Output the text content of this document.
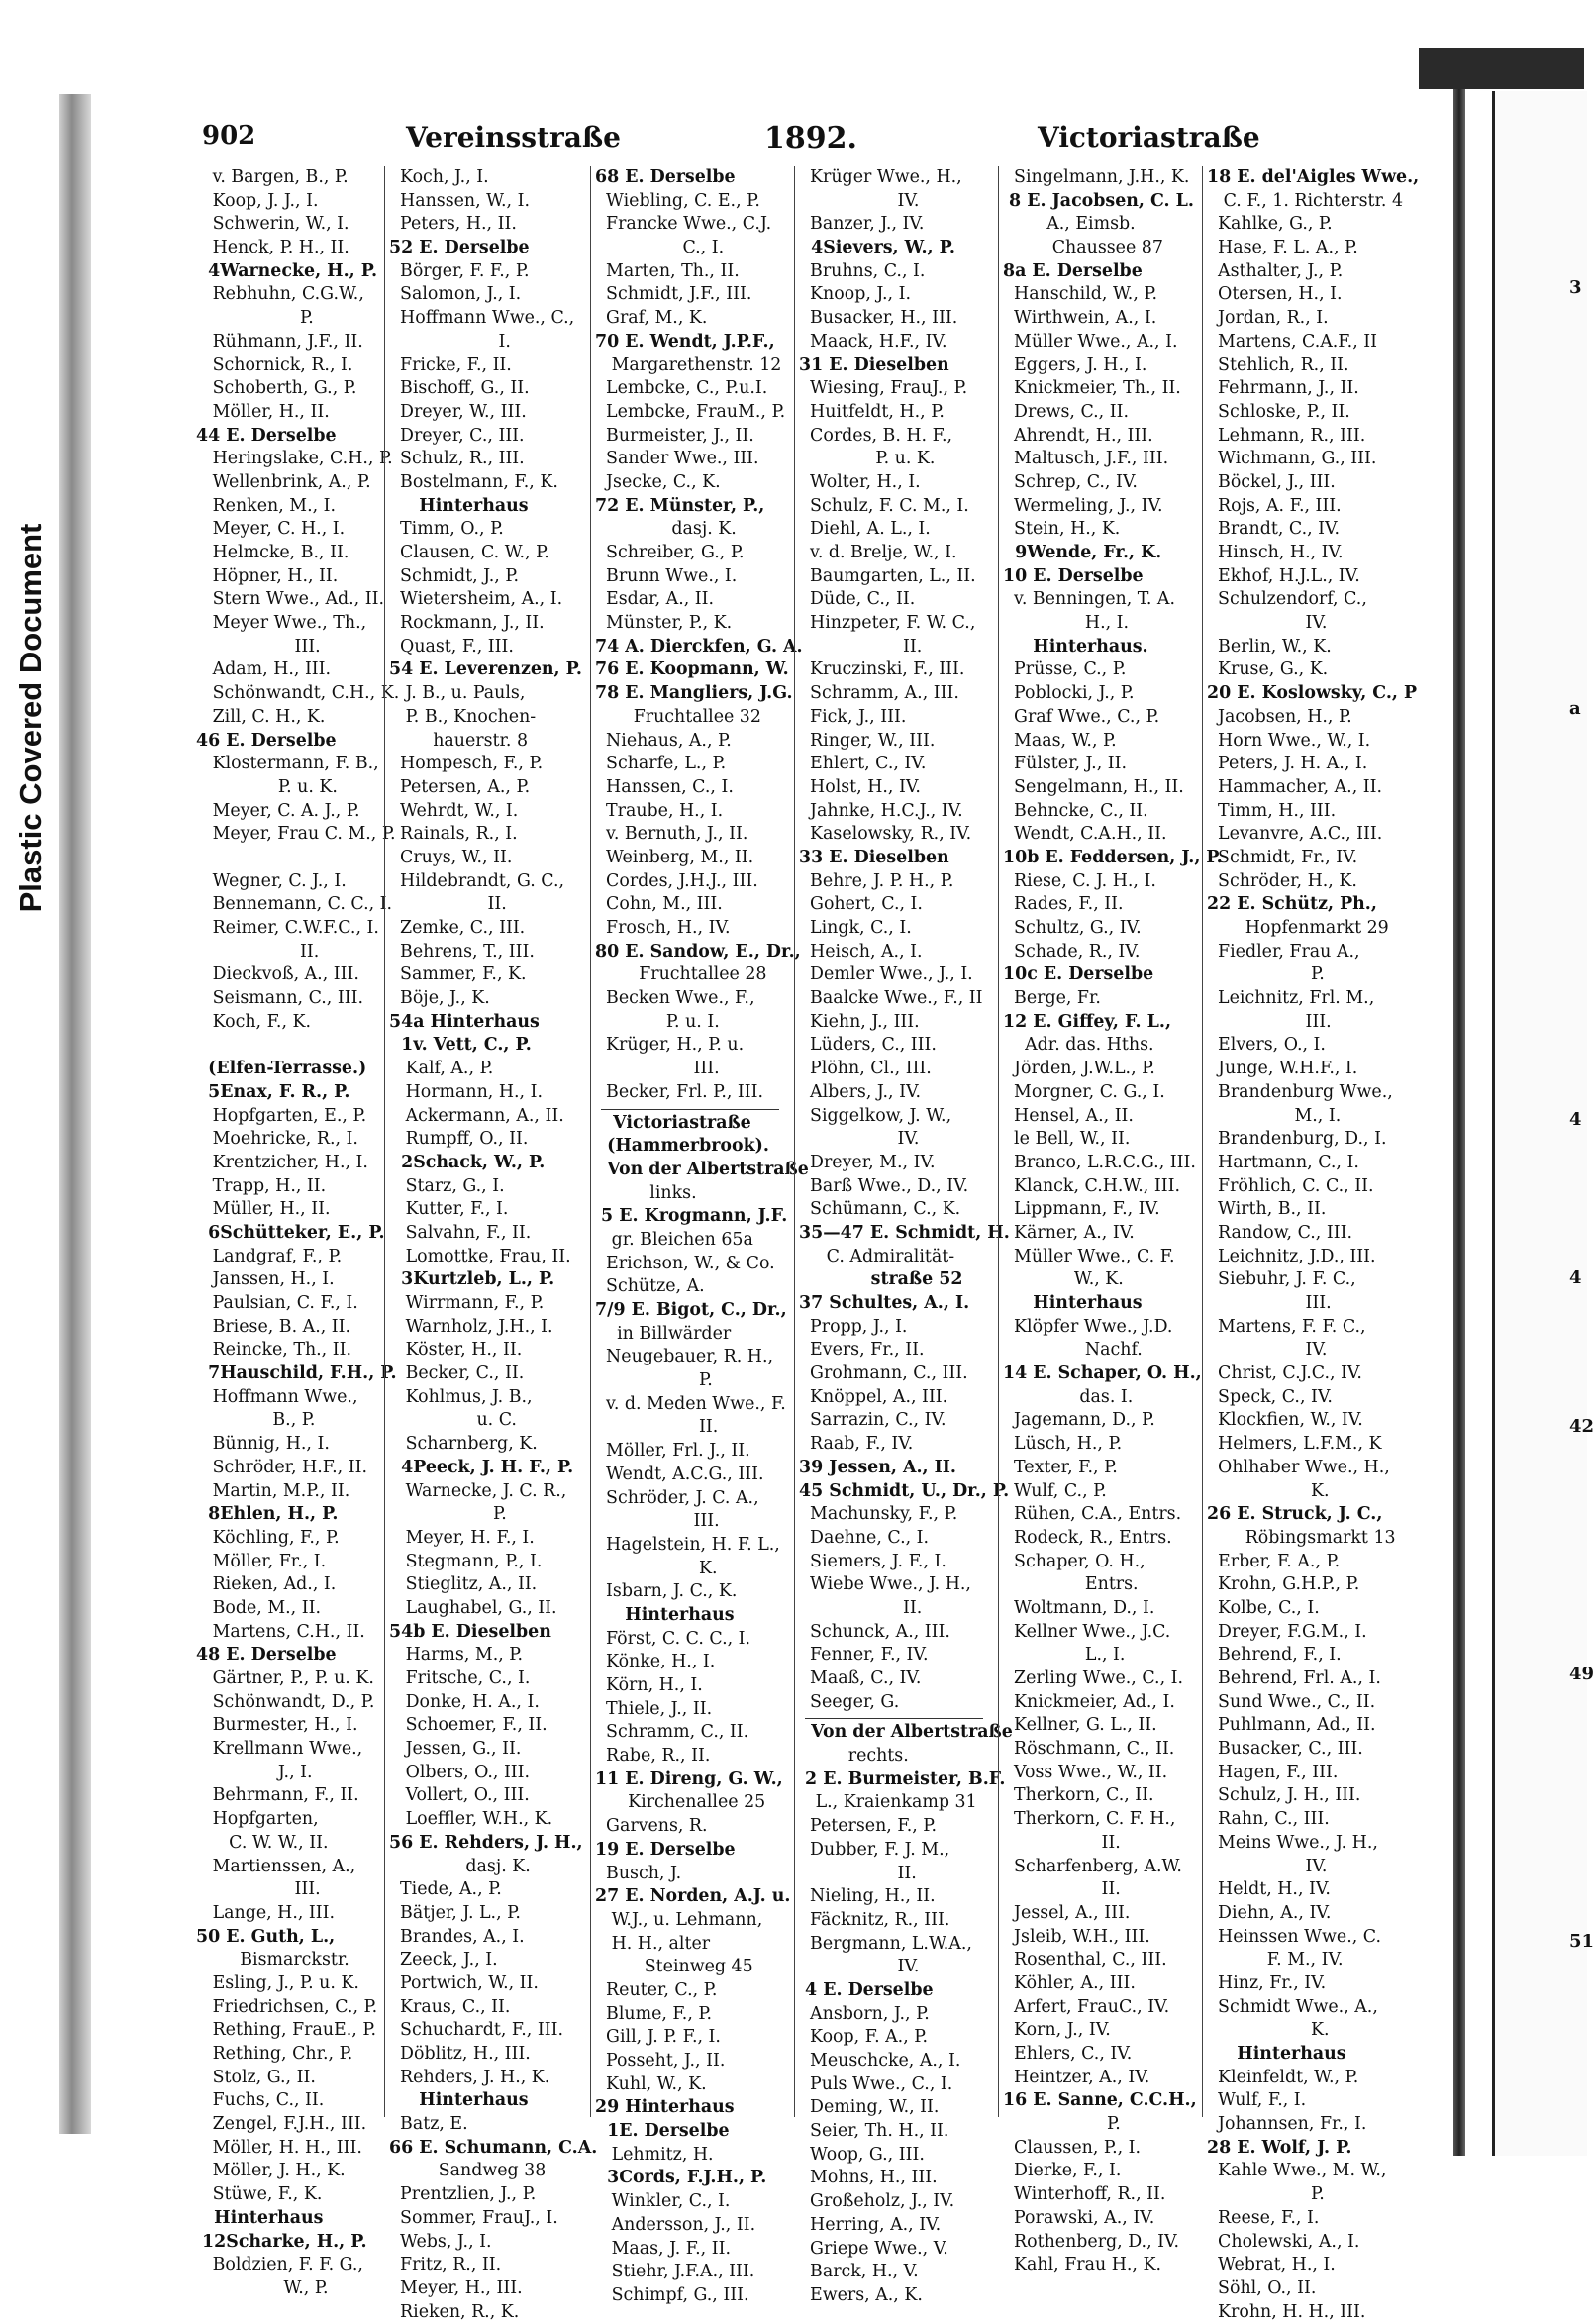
Plastic Covered Document
3
a
4
4
42
49
51
902	Vereinsstraße	1892.	Victoriastraße
v. Bargen, B., P.
Koop, J. J., I.
Schwerin, W., I.
Henck, P. H., II.
4Warnecke, H., P.
Rebhuhn, C.G.W.,
P.
Rühmann, J.F., II.
Schornick, R., I.
Schoberth, G., P.
Möller, H., II.
44 E. Derselbe
Heringslake, C.H., P.
Wellenbrink, A., P.
Renken, M., I.
Meyer, C. H., I.
Helmcke, B., II.
Höpner, H., II.
Stern Wwe., Ad., II.
Meyer Wwe., Th.,
III.
Adam, H., III.
Schönwandt, C.H., K.
Zill, C. H., K.
46 E. Derselbe
Klostermann, F. B.,
P. u. K.
Meyer, C. A. J., P.
Meyer, Frau C. M., P.
Wegner, C. J., I.
Bennemann, C. C., I.
Reimer, C.W.F.C., I.
II.
Dieckvoß, A., III.
Seismann, C., III.
Koch, F., K.
(Elfen-Terrasse.)
5Enax, F. R., P.
Hopfgarten, E., P.
Moehricke, R., I.
Krentzicher, H., I.
Trapp, H., II.
Müller, H., II.
6Schütteker, E., P.
Landgraf, F., P.
Janssen, H., I.
Paulsian, C. F., I.
Briese, B. A., II.
Reincke, Th., II.
7Hauschild, F.H., P.
Hoffmann Wwe.,
B., P.
Bünnig, H., I.
Schröder, H.F., II.
Martin, M.P., II.
8Ehlen, H., P.
Köchling, F., P.
Möller, Fr., I.
Rieken, Ad., I.
Bode, M., II.
Martens, C.H., II.
48 E. Derselbe
Gärtner, P., P. u. K.
Schönwandt, D., P.
Burmester, H., I.
Krellmann Wwe.,
J., I.
Behrmann, F., II.
Hopfgarten,
C. W. W., II.
Martienssen, A.,
III.
Lange, H., III.
50 E. Guth, L.,
Bismarckstr.
Esling, J., P. u. K.
Friedrichsen, C., P.
Rething, FrauE., P.
Rething, Chr., P.
Stolz, G., II.
Fuchs, C., II.
Zengel, F.J.H., III.
Möller, H. H., III.
Möller, J. H., K.
Stüwe, F., K.
Hinterhaus
12Scharke, H., P.
Boldzien, F. F. G.,
W., P.
Koch, J., I.
Hanssen, W., I.
Peters, H., II.
52 E. Derselbe
Börger, F. F., P.
Salomon, J., I.
Hoffmann Wwe., C.,
I.
Fricke, F., II.
Bischoff, G., II.
Dreyer, W., III.
Dreyer, C., III.
Schulz, R., III.
Bostelmann, F., K.
Hinterhaus
Timm, O., P.
Clausen, C. W., P.
Schmidt, J., P.
Wietersheim, A., I.
Rockmann, J., II.
Quast, F., III.
54 E. Leverenzen, P.
J. B., u. Pauls,
P. B., Knochen-
hauerstr. 8
Hompesch, F., P.
Petersen, A., P.
Wehrdt, W., I.
Rainals, R., I.
Cruys, W., II.
Hildebrandt, G. C.,
II.
Zemke, C., III.
Behrens, T., III.
Sammer, F., K.
Böje, J., K.
54a Hinterhaus
1v. Vett, C., P.
Kalf, A., P.
Hormann, H., I.
Ackermann, A., II.
Rumpff, O., II.
2Schack, W., P.
Starz, G., I.
Kutter, F., I.
Salvahn, F., II.
Lomottke, Frau, II.
3Kurtzleb, L., P.
Wirrmann, F., P.
Warnholz, J.H., I.
Köster, H., II.
Becker, C., II.
Kohlmus, J. B.,
u. C.
Scharnberg, K.
4Peeck, J. H. F., P.
Warnecke, J. C. R.,
P.
Meyer, H. F., I.
Stegmann, P., I.
Stieglitz, A., II.
Laughabel, G., II.
54b E. Dieselben
Harms, M., P.
Fritsche, C., I.
Donke, H. A., I.
Schoemer, F., II.
Jessen, G., II.
Olbers, O., III.
Vollert, O., III.
Loeffler, W.H., K.
56 E. Rehders, J. H.,
dasj. K.
Tiede, A., P.
Bätjer, J. L., P.
Brandes, A., I.
Zeeck, J., I.
Portwich, W., II.
Kraus, C., II.
Schuchardt, F., III.
Döblitz, H., III.
Rehders, J. H., K.
Hinterhaus
Batz, E.
66 E. Schumann, C.A.
Sandweg 38
Prentzlien, J., P.
Sommer, FrauJ., I.
Webs, J., I.
Fritz, R., II.
Meyer, H., III.
Rieken, R., K.
68 E. Derselbe
Wiebling, C. E., P.
Francke Wwe., C.J.
C., I.
Marten, Th., II.
Schmidt, J.F., III.
Graf, M., K.
70 E. Wendt, J.P.F.,
Margarethenstr. 12
Lembcke, C., P.u.I.
Lembcke, FrauM., P.
Burmeister, J., II.
Sander Wwe., III.
Jsecke, C., K.
72 E. Münster, P.,
dasj. K.
Schreiber, G., P.
Brunn Wwe., I.
Esdar, A., II.
Münster, P., K.
74 A. Dierckfen, G. A.
76 E. Koopmann, W.
78 E. Mangliers, J.G.
Fruchtallee 32
Niehaus, A., P.
Scharfe, L., P.
Hanssen, C., I.
Traube, H., I.
v. Bernuth, J., II.
Weinberg, M., II.
Cordes, J.H.J., III.
Cohn, M., III.
Frosch, H., IV.
80 E. Sandow, E., Dr.,
Fruchtallee 28
Becken Wwe., F.,
P. u. I.
Krüger, H., P. u.
III.
Becker, Frl. P., III.
Victoriastraße
(Hammerbrook).
Von der Albertstraße
links.
5 E. Krogmann, J.F.
gr. Bleichen 65a
Erichson, W., & Co.
Schütze, A.
7/9 E. Bigot, C., Dr.,
in Billwärder
Neugebauer, R. H.,
P.
v. d. Meden Wwe., F.
II.
Möller, Frl. J., II.
Wendt, A.C.G., III.
Schröder, J. C. A.,
III.
Hagelstein, H. F. L.,
K.
Isbarn, J. C., K.
Hinterhaus
Först, C. C. C., I.
Könke, H., I.
Körn, H., I.
Thiele, J., II.
Schramm, C., II.
Rabe, R., II.
11 E. Direng, G. W.,
Kirchenallee 25
Garvens, R.
19 E. Derselbe
Busch, J.
27 E. Norden, A.J. u.
W.J., u. Lehmann,
H. H., alter
Steinweg 45
Reuter, C., P.
Blume, F., P.
Gill, J. P. F., I.
Posseht, J., II.
Kuhl, W., K.
29 Hinterhaus
1E. Derselbe
Lehmitz, H.
3Cords, F.J.H., P.
Winkler, C., I.
Andersson, J., II.
Maas, J. F., II.
Stiehr, J.F.A., III.
Schimpf, G., III.
Krüger Wwe., H.,
IV.
Banzer, J., IV.
4Sievers, W., P.
Bruhns, C., I.
Knoop, J., I.
Busacker, H., III.
Maack, H.F., IV.
31 E. Dieselben
Wiesing, FrauJ., P.
Huitfeldt, H., P.
Cordes, B. H. F.,
P. u. K.
Wolter, H., I.
Schulz, F. C. M., I.
Diehl, A. L., I.
v. d. Brelje, W., I.
Baumgarten, L., II.
Düde, C., II.
Hinzpeter, F. W. C.,
II.
Kruczinski, F., III.
Schramm, A., III.
Fick, J., III.
Ringer, W., III.
Ehlert, C., IV.
Holst, H., IV.
Jahnke, H.C.J., IV.
Kaselowsky, R., IV.
33 E. Dieselben
Behre, J. P. H., P.
Gohert, C., I.
Lingk, C., I.
Heisch, A., I.
Demler Wwe., J., I.
Baalcke Wwe., F., II
Kiehn, J., III.
Lüders, C., III.
Plöhn, Cl., III.
Albers, J., IV.
Siggelkow, J. W.,
IV.
Dreyer, M., IV.
Barß Wwe., D., IV.
Schümann, C., K.
35—47 E. Schmidt, H.
C. Admiralität-
straße 52
37 Schultes, A., I.
Propp, J., I.
Evers, Fr., II.
Grohmann, C., III.
Knöppel, A., III.
Sarrazin, C., IV.
Raab, F., IV.
39 Jessen, A., II.
45 Schmidt, U., Dr., P.
Machunsky, F., P.
Daehne, C., I.
Siemers, J. F., I.
Wiebe Wwe., J. H.,
II.
Schunck, A., III.
Fenner, F., IV.
Maaß, C., IV.
Seeger, G.
Von der Albertstraße
rechts.
2 E. Burmeister, B.F.
L., Kraienkamp 31
Petersen, F., P.
Dubber, F. J. M.,
II.
Nieling, H., II.
Fäcknitz, R., III.
Bergmann, L.W.A.,
IV.
4 E. Derselbe
Ansborn, J., P.
Koop, F. A., P.
Meuschcke, A., I.
Puls Wwe., C., I.
Deming, W., II.
Seier, Th. H., II.
Woop, G., III.
Mohns, H., III.
Großeholz, J., IV.
Herring, A., IV.
Griepe Wwe., V.
Barck, H., V.
Ewers, A., K.
Singelmann, J.H., K.
8 E. Jacobsen, C. L.
A., Eimsb.
Chaussee 87
8a E. Derselbe
Hanschild, W., P.
Wirthwein, A., I.
Müller Wwe., A., I.
Eggers, J. H., I.
Knickmeier, Th., II.
Drews, C., II.
Ahrendt, H., III.
Maltusch, J.F., III.
Schrep, C., IV.
Wermeling, J., IV.
Stein, H., K.
9Wende, Fr., K.
10 E. Derselbe
v. Benningen, T. A.
H., I.
Hinterhaus.
Prüsse, C., P.
Poblocki, J., P.
Graf Wwe., C., P.
Maas, W., P.
Fülster, J., II.
Sengelmann, H., II.
Behncke, C., II.
Wendt, C.A.H., II.
10b E. Feddersen, J., P.
Riese, C. J. H., I.
Rades, F., II.
Schultz, G., IV.
Schade, R., IV.
10c E. Derselbe
Berge, Fr.
12 E. Giffey, F. L.,
Adr. das. Hths.
Jörden, J.W.L., P.
Morgner, C. G., I.
Hensel, A., II.
le Bell, W., II.
Branco, L.R.C.G., III.
Klanck, C.H.W., III.
Lippmann, F., IV.
Kärner, A., IV.
Müller Wwe., C. F.
W., K.
Hinterhaus
Klöpfer Wwe., J.D.
Nachf.
14 E. Schaper, O. H.,
das. I.
Jagemann, D., P.
Lüsch, H., P.
Texter, F., P.
Wulf, C., P.
Rühen, C.A., Entrs.
Rodeck, R., Entrs.
Schaper, O. H.,
Entrs.
Woltmann, D., I.
Kellner Wwe., J.C.
L., I.
Zerling Wwe., C., I.
Knickmeier, Ad., I.
Kellner, G. L., II.
Röschmann, C., II.
Voss Wwe., W., II.
Therkorn, C., II.
Therkorn, C. F. H.,
II.
Scharfenberg, A.W.
II.
Jessel, A., III.
Jsleib, W.H., III.
Rosenthal, C., III.
Köhler, A., III.
Arfert, FrauC., IV.
Korn, J., IV.
Ehlers, C., IV.
Heintzer, A., IV.
16 E. Sanne, C.C.H.,
P.
Claussen, P., I.
Dierke, F., I.
Winterhoff, R., II.
Porawski, A., IV.
Rothenberg, D., IV.
Kahl, Frau H., K.
18 E. del'Aigles Wwe.,
C. F., 1. Richterstr. 4
Kahlke, G., P.
Hase, F. L. A., P.
Asthalter, J., P.
Otersen, H., I.
Jordan, R., I.
Martens, C.A.F., II
Stehlich, R., II.
Fehrmann, J., II.
Schloske, P., II.
Lehmann, R., III.
Wichmann, G., III.
Böckel, J., III.
Rojs, A. F., III.
Brandt, C., IV.
Hinsch, H., IV.
Ekhof, H.J.L., IV.
Schulzendorf, C.,
IV.
Berlin, W., K.
Kruse, G., K.
20 E. Koslowsky, C., P
Jacobsen, H., P.
Horn Wwe., W., I.
Peters, J. H. A., I.
Hammacher, A., II.
Timm, H., III.
Levanvre, A.C., III.
Schmidt, Fr., IV.
Schröder, H., K.
22 E. Schütz, Ph.,
Hopfenmarkt 29
Fiedler, Frau A.,
P.
Leichnitz, Frl. M.,
III.
Elvers, O., I.
Junge, W.H.F., I.
Brandenburg Wwe.,
M., I.
Brandenburg, D., I.
Hartmann, C., I.
Fröhlich, C. C., II.
Wirth, B., II.
Randow, C., III.
Leichnitz, J.D., III.
Siebuhr, J. F. C.,
III.
Martens, F. F. C.,
IV.
Christ, C.J.C., IV.
Speck, C., IV.
Klockfien, W., IV.
Helmers, L.F.M., K
Ohlhaber Wwe., H.,
K.
26 E. Struck, J. C.,
Röbingsmarkt 13
Erber, F. A., P.
Krohn, G.H.P., P.
Kolbe, C., I.
Dreyer, F.G.M., I.
Behrend, F., I.
Behrend, Frl. A., I.
Sund Wwe., C., II.
Puhlmann, Ad., II.
Busacker, C., III.
Hagen, F., III.
Schulz, J. H., III.
Rahn, C., III.
Meins Wwe., J. H.,
IV.
Heldt, H., IV.
Diehn, A., IV.
Heinssen Wwe., C.
F. M., IV.
Hinz, Fr., IV.
Schmidt Wwe., A.,
K.
Hinterhaus
Kleinfeldt, W., P.
Wulf, F., I.
Johannsen, Fr., I.
28 E. Wolf, J. P.
Kahle Wwe., M. W.,
P.
Reese, F., I.
Cholewski, A., I.
Webrat, H., I.
Söhl, O., II.
Krohn, H. H., III.
